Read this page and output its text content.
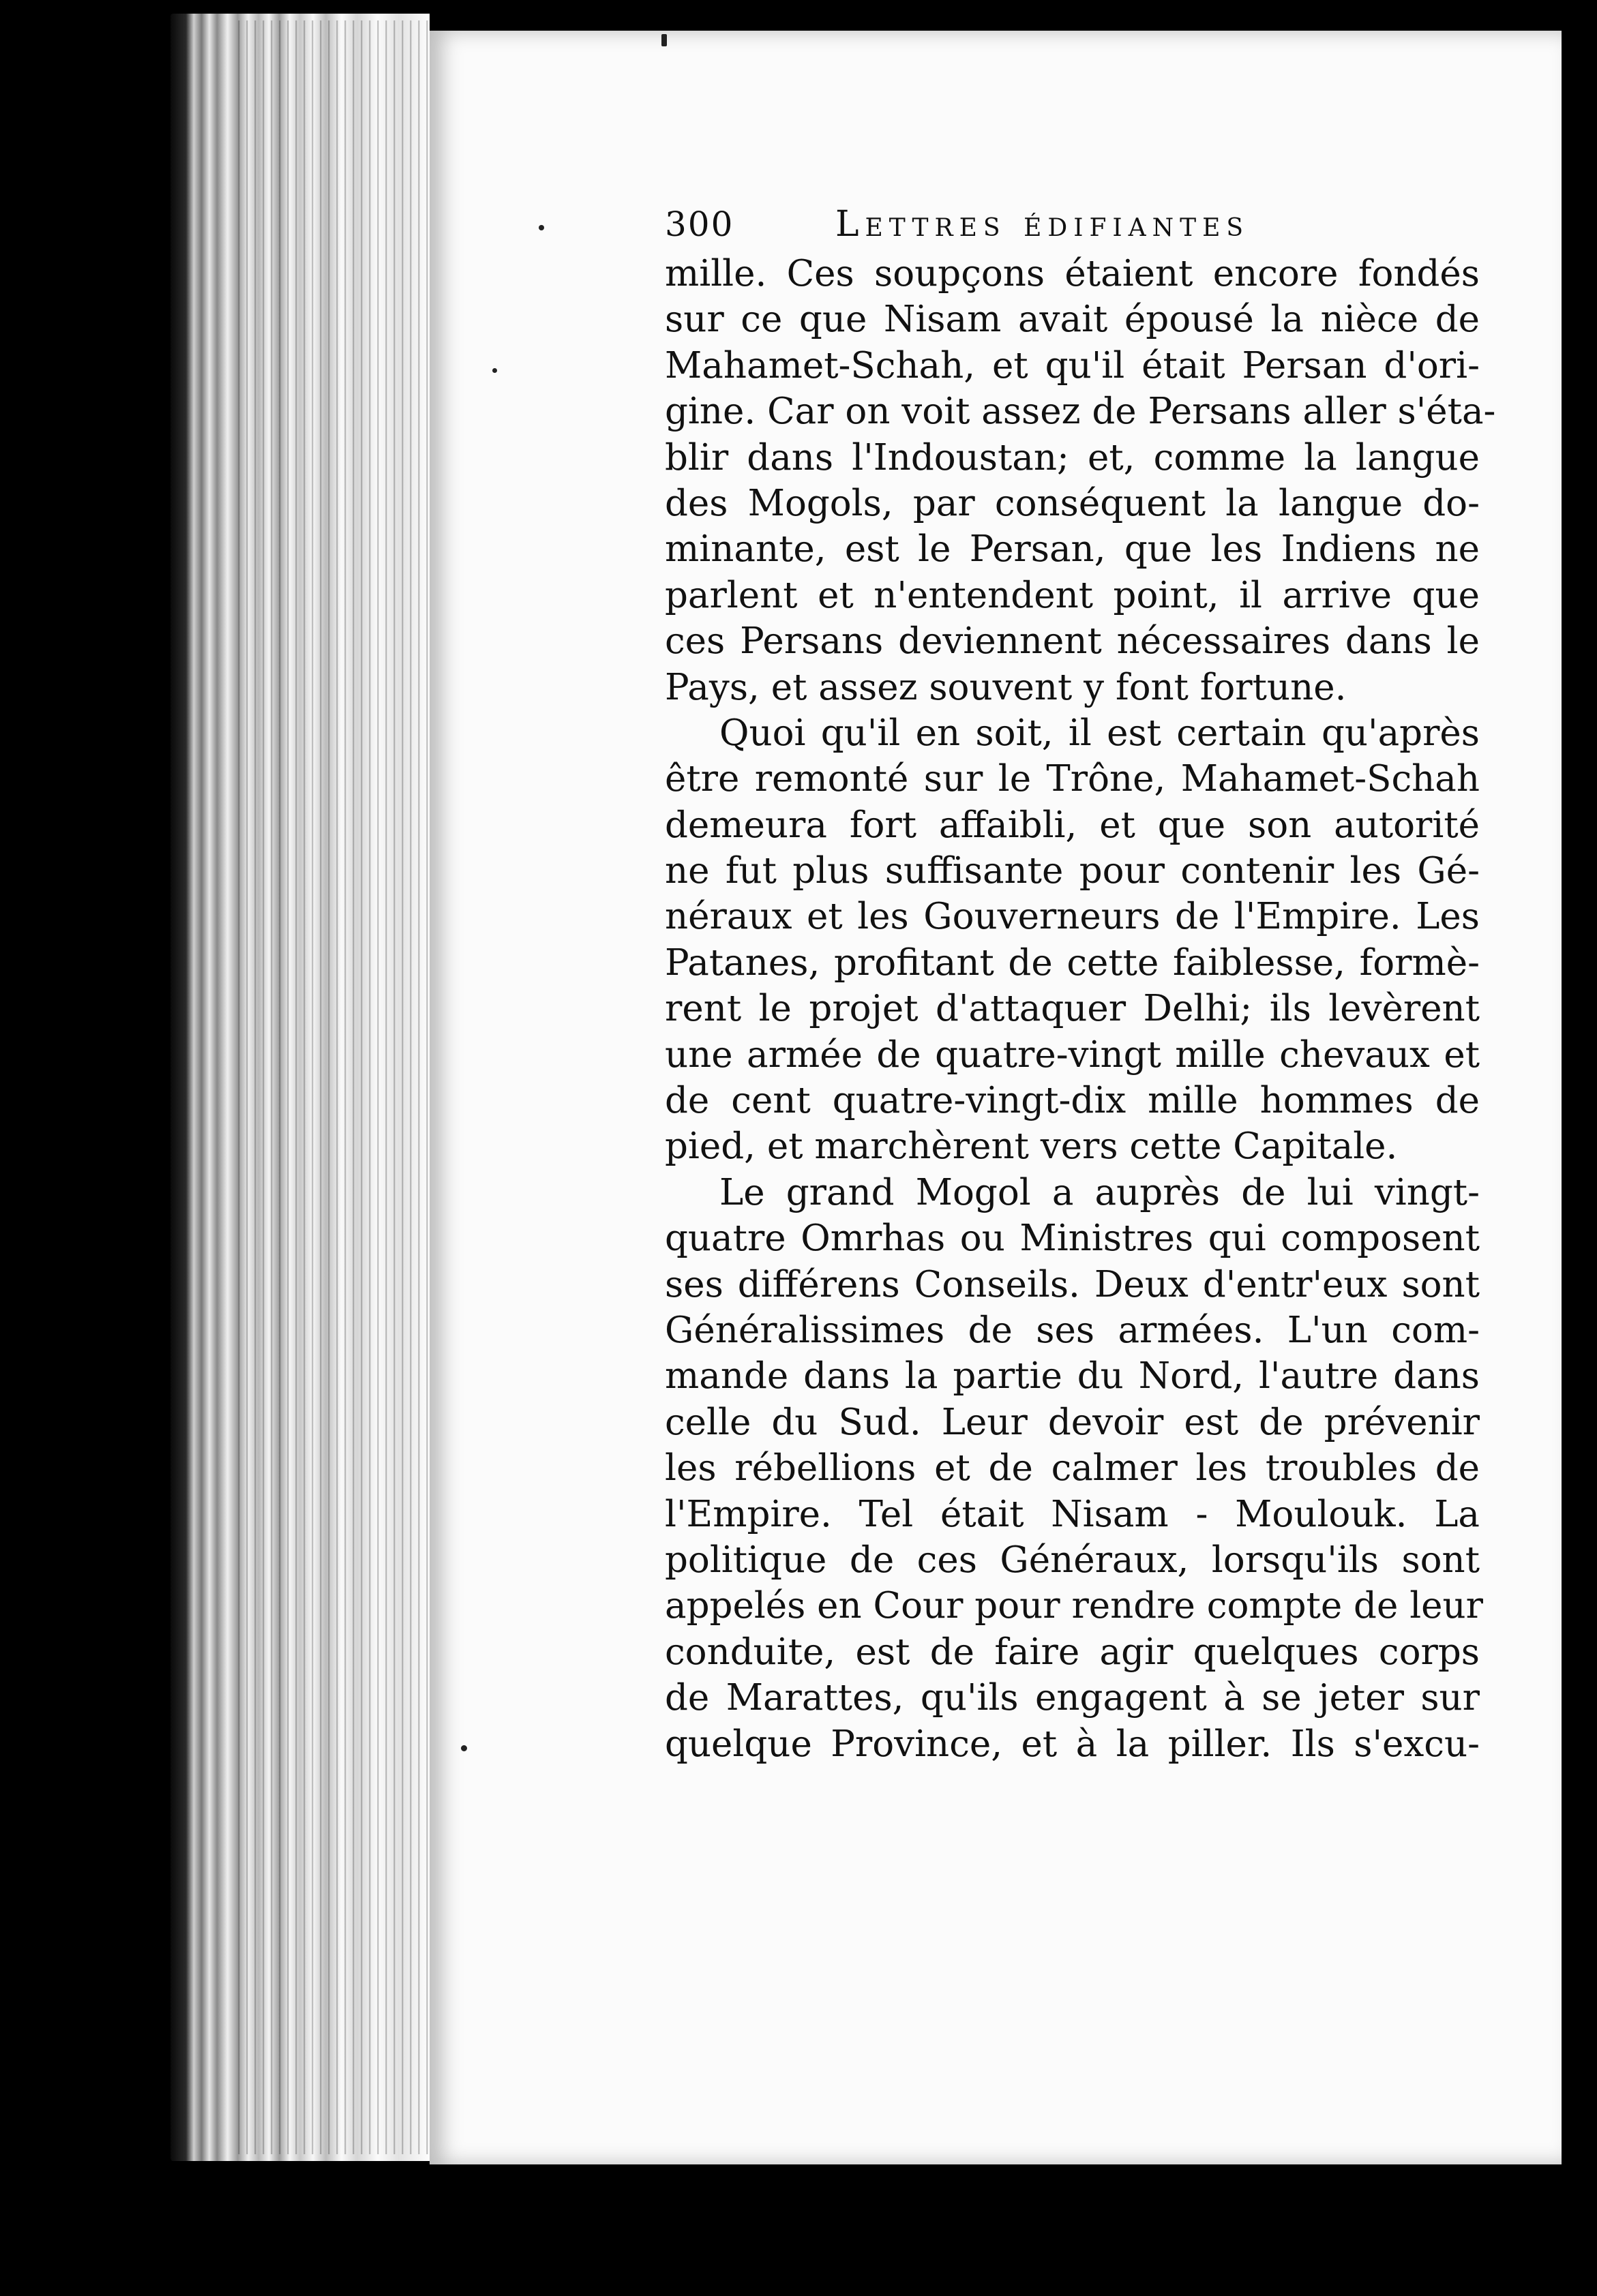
300	Lettres édifiantes
mille. Ces soupçons étaient encore fondés
sur ce que Nisam avait épousé la nièce de
Mahamet-Schah, et qu'il était Persan d'ori-
gine. Car on voit assez de Persans aller s'éta-
blir dans l'Indoustan; et, comme la langue
des Mogols, par conséquent la langue do-
minante, est le Persan, que les Indiens ne
parlent et n'entendent point, il arrive que
ces Persans deviennent nécessaires dans le
Pays, et assez souvent y font fortune.
Quoi qu'il en soit, il est certain qu'après
être remonté sur le Trône, Mahamet-Schah
demeura fort affaibli, et que son autorité
ne fut plus suffisante pour contenir les Gé-
néraux et les Gouverneurs de l'Empire. Les
Patanes, profitant de cette faiblesse, formè-
rent le projet d'attaquer Delhi; ils levèrent
une armée de quatre-vingt mille chevaux et
de cent quatre-vingt-dix mille hommes de
pied, et marchèrent vers cette Capitale.
Le grand Mogol a auprès de lui vingt-
quatre Omrhas ou Ministres qui composent
ses différens Conseils. Deux d'entr'eux sont
Généralissimes de ses armées. L'un com-
mande dans la partie du Nord, l'autre dans
celle du Sud. Leur devoir est de prévenir
les rébellions et de calmer les troubles de
l'Empire. Tel était Nisam - Moulouk. La
politique de ces Généraux, lorsqu'ils sont
appelés en Cour pour rendre compte de leur
conduite, est de faire agir quelques corps
de Marattes, qu'ils engagent à se jeter sur
quelque Province, et à la piller. Ils s'excu-
